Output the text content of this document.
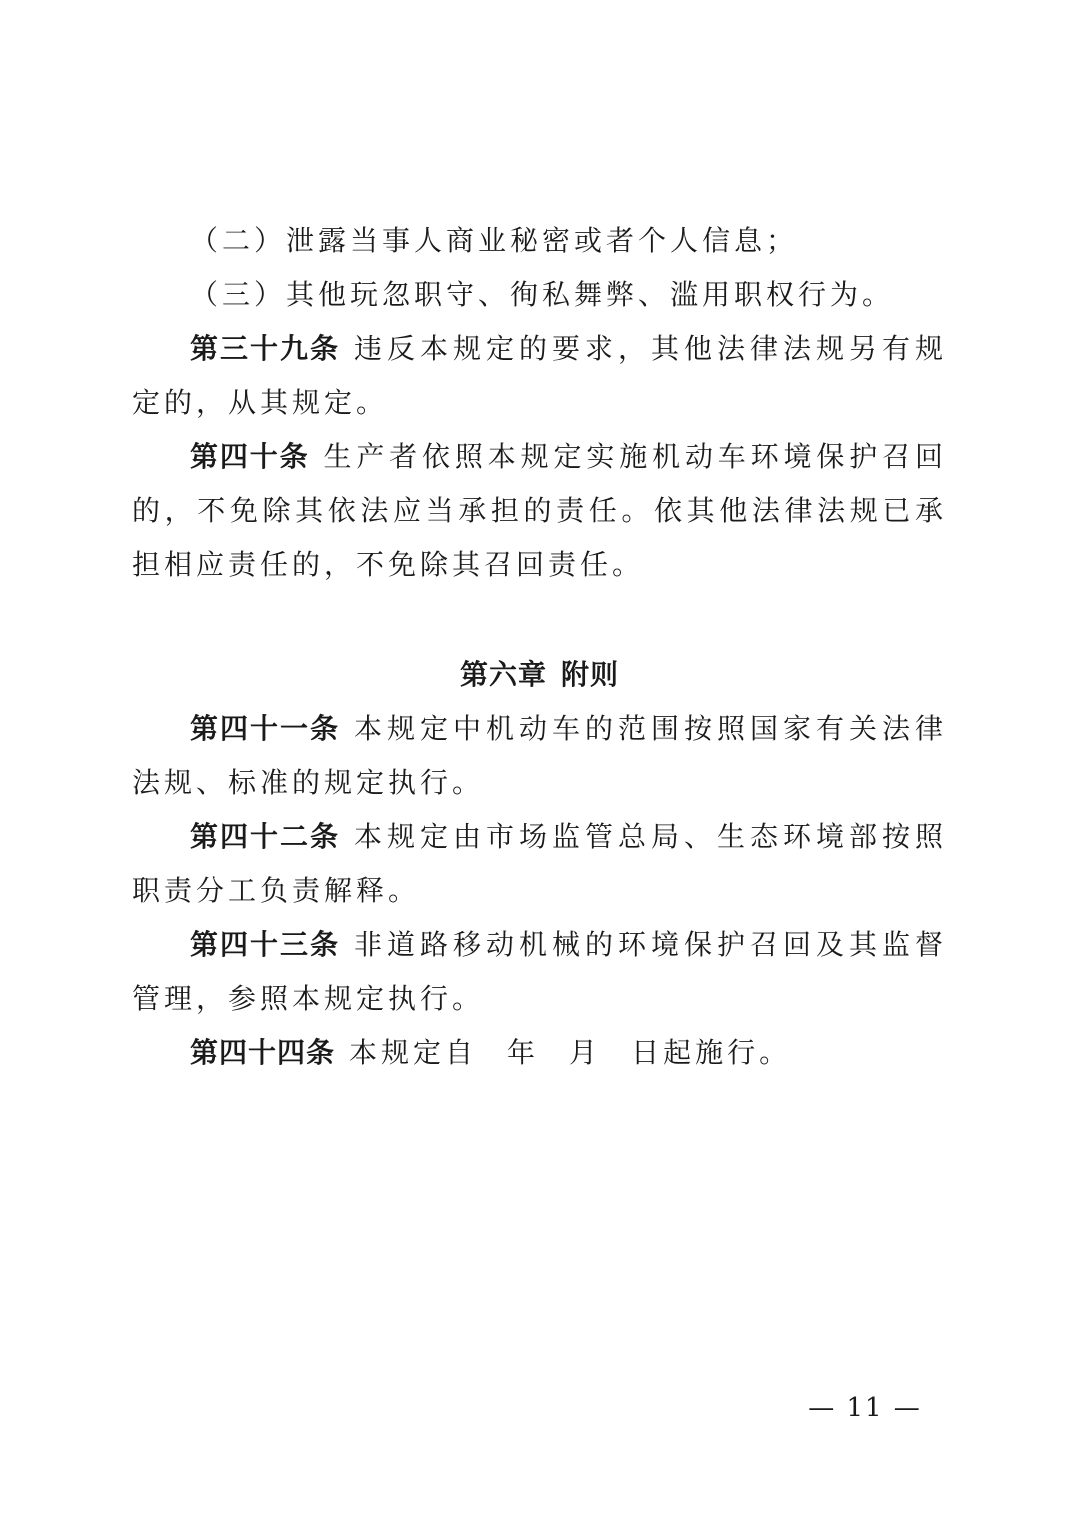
（二）泄露当事人商业秘密或者个人信息；

（三）其他玩忽职守、徇私舞弊、滥用职权行为。

第三十九条 违反本规定的要求，其他法律法规另有规定的，从其规定。

第四十条 生产者依照本规定实施机动车环境保护召回的，不免除其依法应当承担的责任。依其他法律法规已承担相应责任的，不免除其召回责任。

第六章 附则

第四十一条 本规定中机动车的范围按照国家有关法律法规、标准的规定执行。

第四十二条 本规定由市场监管总局、生态环境部按照职责分工负责解释。

第四十三条 非道路移动机械的环境保护召回及其监督管理，参照本规定执行。

第四十四条 本规定自 年 月 日起施行。

— 11 —
